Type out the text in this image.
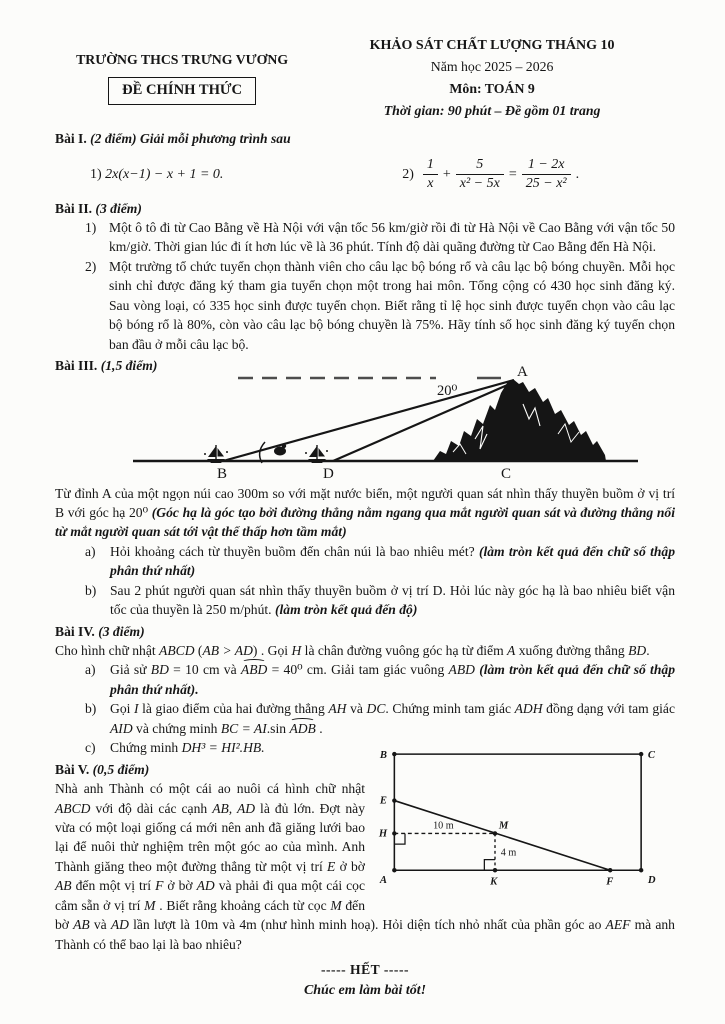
TRƯỜNG THCS TRƯNG VƯƠNG
ĐỀ CHÍNH THỨC
KHẢO SÁT CHẤT LƯỢNG THÁNG 10
Năm học 2025 – 2026
Môn: TOÁN 9
Thời gian: 90 phút – Đề gồm 01 trang
Bài I. (2 điểm) Giải mỗi phương trình sau
1) 2x(x−1) − x + 1 = 0.	$2) \frac{1}{x} + \frac{5}{\text{x² − 5x}} = \frac{1 - 2x}{\text{25 − x²}}$ .
Bài II. (3 điểm)
1) Một ô tô đi từ Cao Bằng về Hà Nội với vận tốc 56 km/giờ rồi đi từ Hà Nội về Cao Bằng với vận tốc 50 km/giờ. Thời gian lúc đi ít hơn lúc về là 36 phút. Tính độ dài quãng đường từ Cao Bằng đến Hà Nội.
2) Một trường tổ chức tuyển chọn thành viên cho câu lạc bộ bóng rổ và câu lạc bộ bóng chuyền. Mỗi học sinh chỉ được đăng ký tham gia tuyển chọn một trong hai môn. Tổng cộng có 430 học sinh đăng ký. Sau vòng loại, có 335 học sinh được tuyển chọn. Biết rằng tỉ lệ học sinh được tuyển chọn vào câu lạc bộ bóng rổ là 80%, còn vào câu lạc bộ bóng chuyền là 75%. Hãy tính số học sinh đăng ký tuyển chọn ban đầu ở mỗi câu lạc bộ.
Bài III. (1,5 điểm)
20⁰
A
B	D	C
Từ đỉnh A của một ngọn núi cao 300m so với mặt nước biển, một người quan sát nhìn thấy thuyền buồm ở vị trí B với góc hạ 20⁰ (Góc hạ là góc tạo bởi đường thẳng nằm ngang qua mắt người quan sát và đường thẳng nối từ mắt người quan sát tới vật thể thấp hơn tầm mắt)
a)	Hỏi khoảng cách từ thuyền buồm đến chân núi là bao nhiêu mét? (làm tròn kết quả đến chữ số thập phân thứ nhất)
b)	Sau 2 phút người quan sát nhìn thấy thuyền buồm ở vị trí D. Hỏi lúc này góc hạ là bao nhiêu biết vận tốc của thuyền là 250 m/phút. (làm tròn kết quả đến độ)
Bài IV. (3 điểm)
Cho hình chữ nhật ABCD (AB > AD) . Gọi H là chân đường vuông góc hạ từ điểm A xuống đường thẳng BD.
a)	Giả sử BD = 10 cm và ABD = 40⁰ cm. Giải tam giác vuông ABD (làm tròn kết quả đến chữ số thập phân thứ nhất).
b)	Gọi I là giao điểm của hai đường thẳng AH và DC. Chứng minh tam giác ADH đồng dạng với tam giác AID và chứng minh BC = AI.sin ADB .
B	C
E
H
A	D
K	F
M
10 m
4 m
c)	Chứng minh DH³ = HI².HB.
Bài V. (0,5 điểm)
Nhà anh Thành có một cái ao nuôi cá hình chữ nhật ABCD với độ dài các cạnh AB, AD là đủ lớn. Đợt này vừa có một loại giống cá mới nên anh đã giăng lưới bao lại để nuôi thử nghiệm trên một góc ao của mình. Anh Thành giăng theo một đường thẳng từ một vị trí E ở bờ AB đến một vị trí F ở bờ AD và phải đi qua một cái cọc cắm sẵn ở vị trí M . Biết rằng khoảng cách từ cọc M đến bờ AB và AD lần lượt là 10m và 4m (như hình minh hoạ). Hỏi diện tích nhỏ nhất của phần góc ao AEF mà anh Thành có thể bao lại là bao nhiêu?
----- HẾT -----
Chúc em làm bài tốt!
